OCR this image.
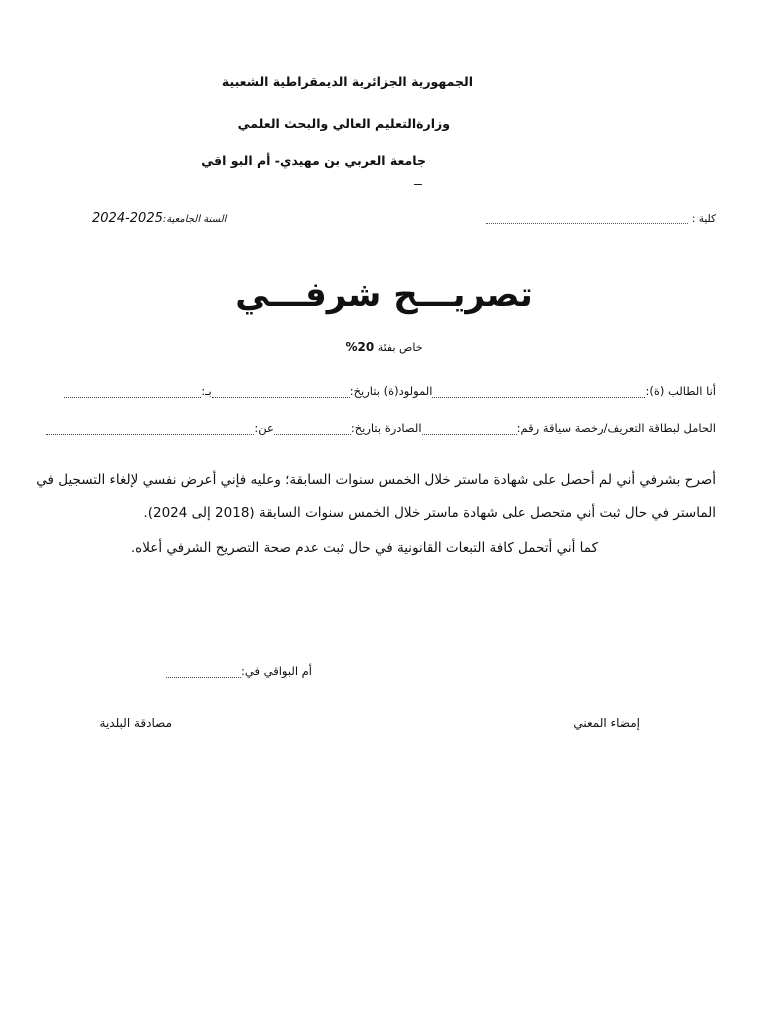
الجمهورية الجزائرية الديمقراطية الشعبية
وزارةالتعليم العالي والبحث العلمي
جامعة العربي بن مهيدي- أم البو اقي
كلية :
السنة الجامعية:2024-2025
تصريـــح شرفـــي
خاص بفئة 20%
أنا الطالب (ة):
المولود(ة) بتاريخ:
بـ:
الحامل لبطاقة التعريف/رخصة سياقة رقم:
الصادرة بتاريخ:
عن:
أصرح بشرفي أني لم أحصل على شهادة ماستر خلال الخمس سنوات السابقة؛ وعليه فإني أعرض نفسي لإلغاء التسجيل في
الماستر في حال ثبت أني متحصل على شهادة ماستر خلال الخمس سنوات السابقة (2018 إلى 2024).
كما أني أتحمل كافة التبعات القانونية في حال ثبت عدم صحة التصريح الشرفي أعلاه.
أم البواقي في:
إمضاء المعني
مصادقة البلدية
